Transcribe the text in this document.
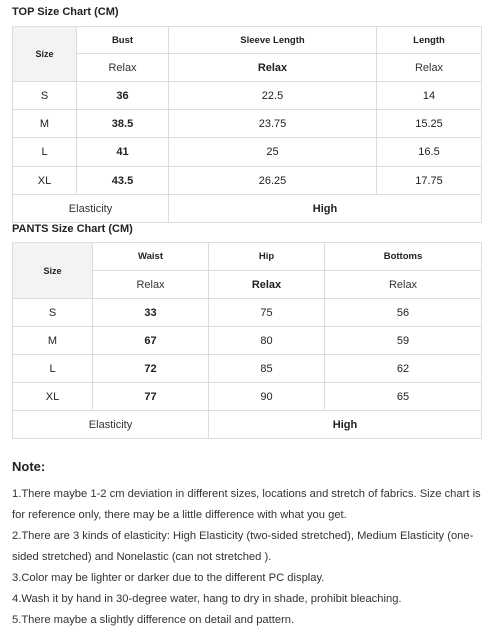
TOP Size Chart (CM)
Size	Bust	Sleeve Length	Length
	Relax	Relax	Relax
S	36	22.5	14
M	38.5	23.75	15.25
L	41	25	16.5
XL	43.5	26.25	17.75
Elasticity		High	
PANTS Size Chart (CM)
Size	Waist	Hip	Bottoms
	Relax	Relax	Relax
S	33	75	56
M	67	80	59
L	72	85	62
XL	77	90	65
Elasticity		High	
Note:
1.There maybe 1-2 cm deviation in different sizes, locations and stretch of fabrics. Size chart is for reference only, there may be a little difference with what you get.
2.There are 3 kinds of elasticity: High Elasticity (two-sided stretched), Medium Elasticity (one-sided stretched) and Nonelastic (can not stretched ).
3.Color may be lighter or darker due to the different PC display.
4.Wash it by hand in 30-degree water, hang to dry in shade, prohibit bleaching.
5.There maybe a slightly difference on detail and pattern.
